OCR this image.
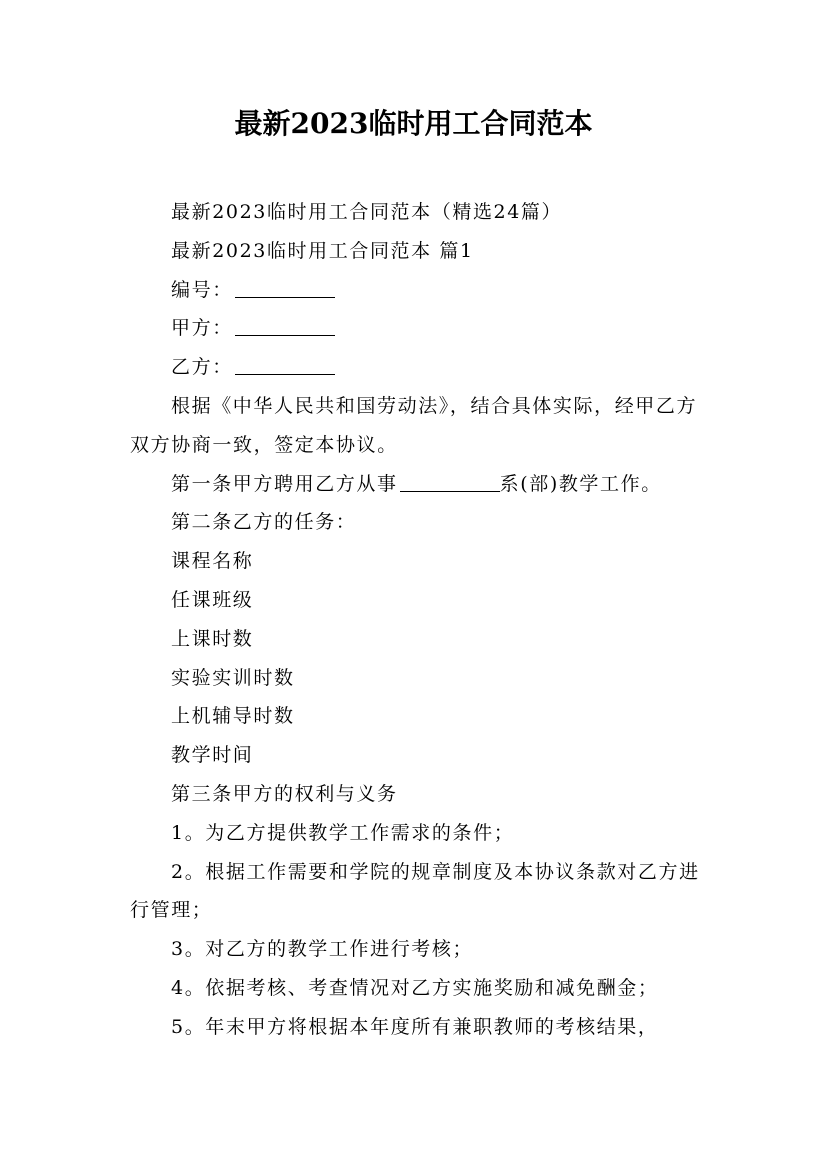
最新2023临时用工合同范本

最新2023临时用工合同范本（精选24篇）

最新2023临时用工合同范本 篇1

编号：

甲方：

乙方：

根据《中华人民共和国劳动法》，结合具体实际，经甲乙方双方协商一致，签定本协议。

第一条甲方聘用乙方从事	系(部)教学工作。

第二条乙方的任务：

课程名称

任课班级

上课时数

实验实训时数

上机辅导时数

教学时间

第三条甲方的权利与义务

1。为乙方提供教学工作需求的条件；

2。根据工作需要和学院的规章制度及本协议条款对乙方进行管理；

3。对乙方的教学工作进行考核；

4。依据考核、考查情况对乙方实施奖励和减免酬金；

5。年末甲方将根据本年度所有兼职教师的考核结果，
